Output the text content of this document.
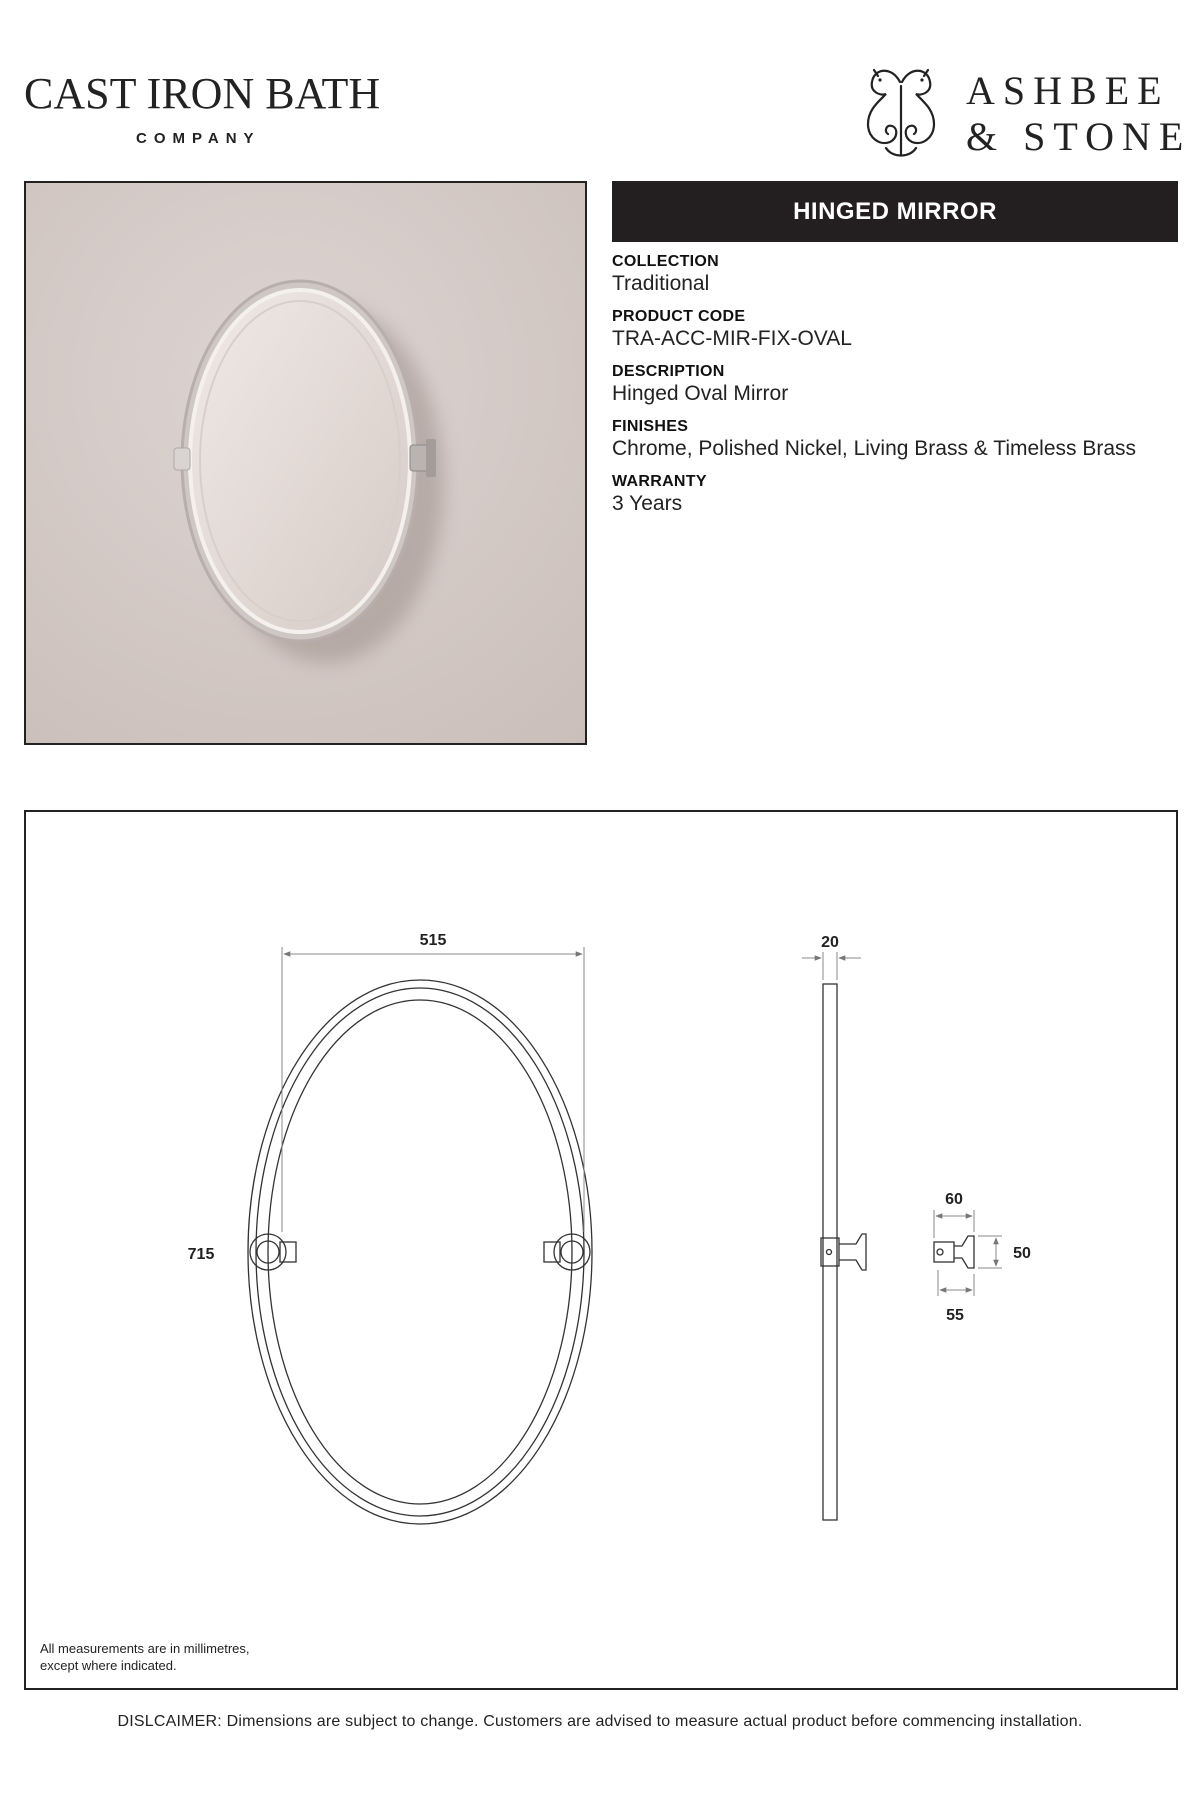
CAST IRON BATH
COMPANY
ASHBEE
& STONE
HINGED MIRROR
COLLECTION
Traditional
PRODUCT CODE
TRA-ACC-MIR-FIX-OVAL
DESCRIPTION
Hinged Oval Mirror
FINISHES
Chrome, Polished Nickel, Living Brass & Timeless Brass
WARRANTY
3 Years
515
715
20
60
50
55
All measurements are in millimetres,
except where indicated.
DISLCAIMER: Dimensions are subject to change. Customers are advised to measure actual product before commencing installation.
